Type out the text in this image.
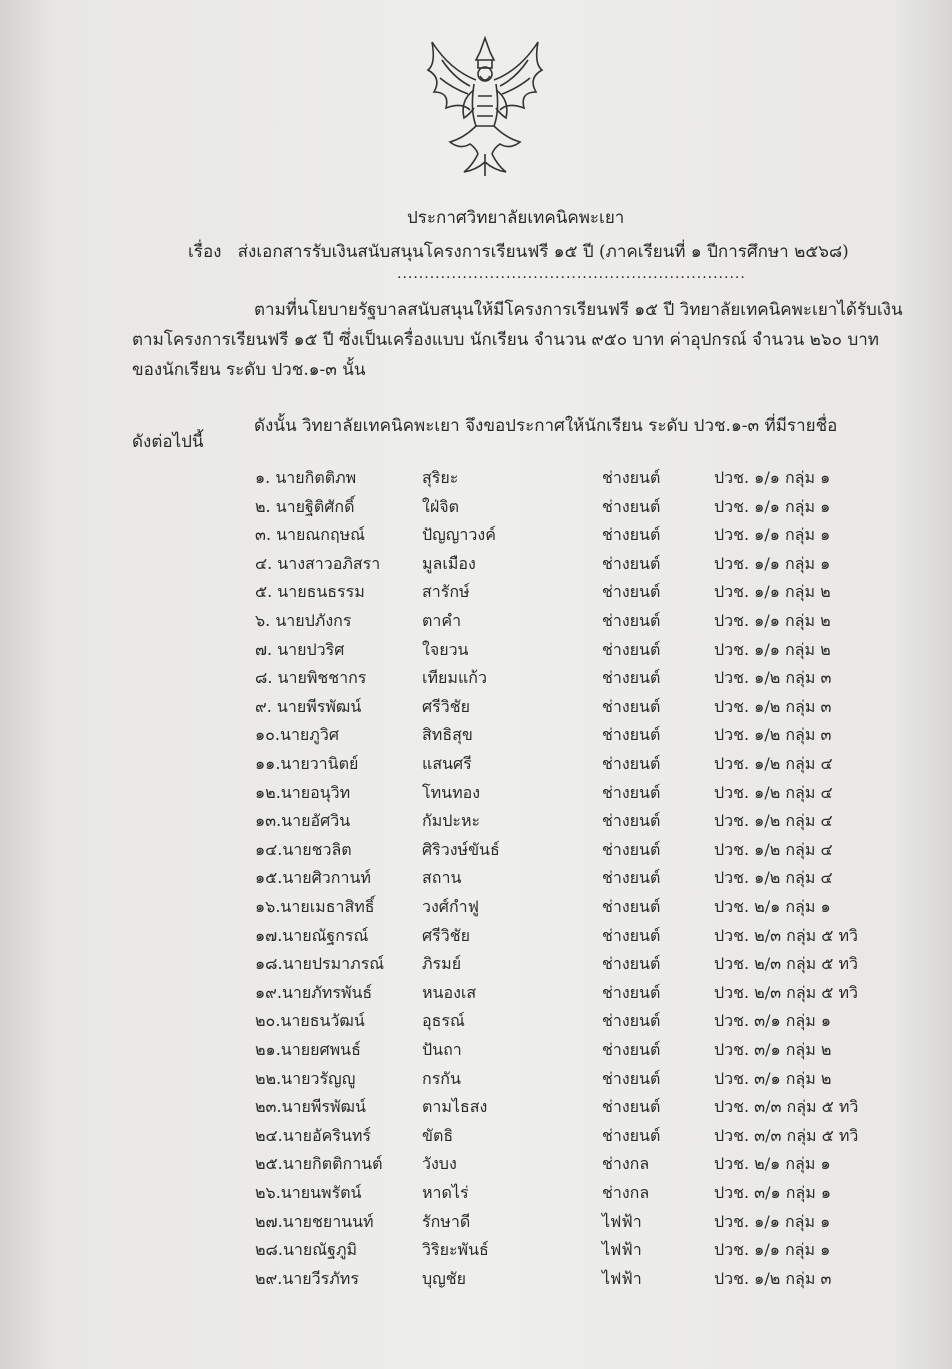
ประกาศวิทยาลัยเทคนิคพะเยา
เรื่อง ส่งเอกสารรับเงินสนับสนุนโครงการเรียนฟรี ๑๕ ปี (ภาคเรียนที่ ๑ ปีการศึกษา ๒๕๖๘)
................................................................
ตามที่นโยบายรัฐบาลสนับสนุนให้มีโครงการเรียนฟรี ๑๕ ปี วิทยาลัยเทคนิคพะเยาได้รับเงิน
ตามโครงการเรียนฟรี ๑๕ ปี ซึ่งเป็นเครื่องแบบ นักเรียน จำนวน ๙๕๐ บาท ค่าอุปกรณ์ จำนวน ๒๖๐ บาท
ของนักเรียน ระดับ ปวช.๑-๓ นั้น
ดังนั้น วิทยาลัยเทคนิคพะเยา จึงขอประกาศให้นักเรียน ระดับ ปวช.๑-๓ ที่มีรายชื่อ
ดังต่อไปนี้
๑. นายกิตติภพ	สุริยะ	ช่างยนต์	ปวช. ๑/๑ กลุ่ม ๑
๒. นายฐิติศักดิ์	ใฝ่จิต	ช่างยนต์	ปวช. ๑/๑ กลุ่ม ๑
๓. นายณกฤษณ์	ปัญญาวงค์	ช่างยนต์	ปวช. ๑/๑ กลุ่ม ๑
๔. นางสาวอภิสรา	มูลเมือง	ช่างยนต์	ปวช. ๑/๑ กลุ่ม ๑
๕. นายธนธรรม	สารักษ์	ช่างยนต์	ปวช. ๑/๑ กลุ่ม ๒
๖. นายปภังกร	ตาคำ	ช่างยนต์	ปวช. ๑/๑ กลุ่ม ๒
๗. นายปวริศ	ใจยวน	ช่างยนต์	ปวช. ๑/๑ กลุ่ม ๒
๘. นายพิชชากร	เทียมแก้ว	ช่างยนต์	ปวช. ๑/๒ กลุ่ม ๓
๙. นายพีรพัฒน์	ศรีวิชัย	ช่างยนต์	ปวช. ๑/๒ กลุ่ม ๓
๑๐.นายภูวิศ	สิทธิสุข	ช่างยนต์	ปวช. ๑/๒ กลุ่ม ๓
๑๑.นายวานิตย์	แสนศรี	ช่างยนต์	ปวช. ๑/๒ กลุ่ม ๔
๑๒.นายอนุวิท	โทนทอง	ช่างยนต์	ปวช. ๑/๒ กลุ่ม ๔
๑๓.นายอัศวิน	กัมปะหะ	ช่างยนต์	ปวช. ๑/๒ กลุ่ม ๔
๑๔.นายชวลิต	ศิริวงษ์ขันธ์	ช่างยนต์	ปวช. ๑/๒ กลุ่ม ๔
๑๕.นายศิวกานท์	สถาน	ช่างยนต์	ปวช. ๑/๒ กลุ่ม ๔
๑๖.นายเมธาสิทธิ์	วงศ์กำฟู	ช่างยนต์	ปวช. ๒/๑ กลุ่ม ๑
๑๗.นายณัฐกรณ์	ศรีวิชัย	ช่างยนต์	ปวช. ๒/๓ กลุ่ม ๕ ทวิ
๑๘.นายปรมาภรณ์ ภิรมย์	ช่างยนต์	ปวช. ๒/๓ กลุ่ม ๕ ทวิ
๑๙.นายภัทรพันธ์	หนองเส	ช่างยนต์	ปวช. ๒/๓ กลุ่ม ๕ ทวิ
๒๐.นายธนวัฒน์	อุธรณ์	ช่างยนต์	ปวช. ๓/๑ กลุ่ม ๑
๒๑.นายยศพนธ์	ปันถา	ช่างยนต์	ปวช. ๓/๑ กลุ่ม ๒
๒๒.นายวรัญญู	กรกัน	ช่างยนต์	ปวช. ๓/๑ กลุ่ม ๒
๒๓.นายพีรพัฒน์	ตามไธสง	ช่างยนต์	ปวช. ๓/๓ กลุ่ม ๕ ทวิ
๒๔.นายอัครินทร์	ขัตธิ	ช่างยนต์	ปวช. ๓/๓ กลุ่ม ๕ ทวิ
๒๕.นายกิตติกานต์ วังบง	ช่างกล	ปวช. ๒/๑ กลุ่ม ๑
๒๖.นายนพรัตน์	หาดไร่	ช่างกล	ปวช. ๓/๑ กลุ่ม ๑
๒๗.นายชยานนท์	รักษาดี	ไฟฟ้า	ปวช. ๑/๑ กลุ่ม ๑
๒๘.นายณัฐภูมิ	วิริยะพันธ์	ไฟฟ้า	ปวช. ๑/๑ กลุ่ม ๑
๒๙.นายวีรภัทร	บุญชัย	ไฟฟ้า	ปวช. ๑/๒ กลุ่ม ๓
